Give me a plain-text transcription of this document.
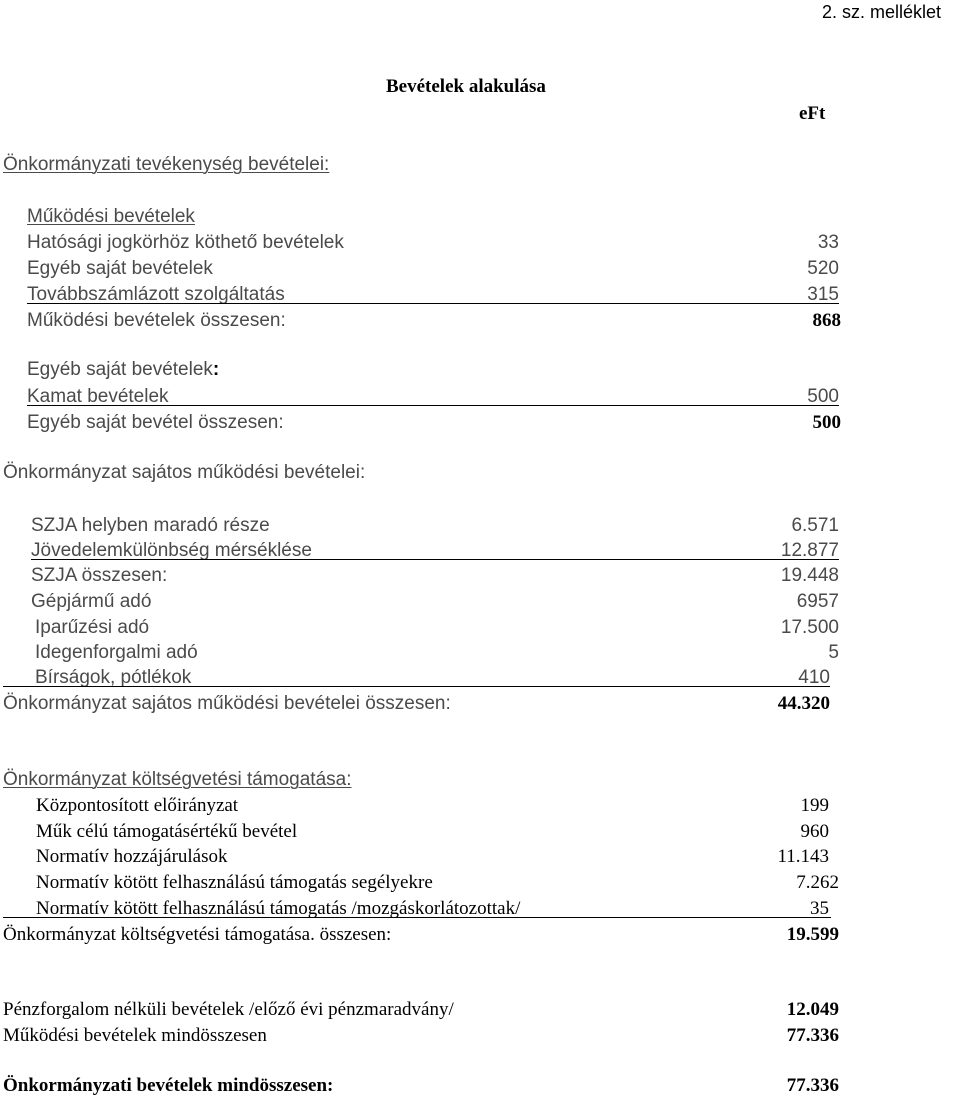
2. sz. melléklet
Bevételek alakulása
eFt
Önkormányzati tevékenység bevételei:
Működési bevételek
Hatósági jogkörhöz köthető bevételek	33
Egyéb saját bevételek	520
Továbbszámlázott szolgáltatás	315
Működési bevételek összesen:	868
Egyéb saját bevételek:
Kamat bevételek	500
Egyéb saját bevétel összesen:	500
Önkormányzat sajátos működési bevételei:
SZJA helyben maradó része	6.571
Jövedelemkülönbség mérséklése	12.877
SZJA összesen:	19.448
Gépjármű adó	6957
Iparűzési adó	17.500
Idegenforgalmi adó	5
Bírságok, pótlékok	410
Önkormányzat sajátos működési bevételei összesen:	44.320
Önkormányzat költségvetési támogatása:
Központosított előirányzat	199
Műk célú támogatásértékű bevétel	960
Normatív hozzájárulások	11.143
Normatív kötött felhasználású támogatás segélyekre	7.262
Normatív kötött felhasználású támogatás /mozgáskorlátozottak/	35
Önkormányzat költségvetési támogatása. összesen:	19.599
Pénzforgalom nélküli bevételek /előző évi pénzmaradvány/	12.049
Működési bevételek mindösszesen	77.336
Önkormányzati bevételek mindösszesen:	77.336
